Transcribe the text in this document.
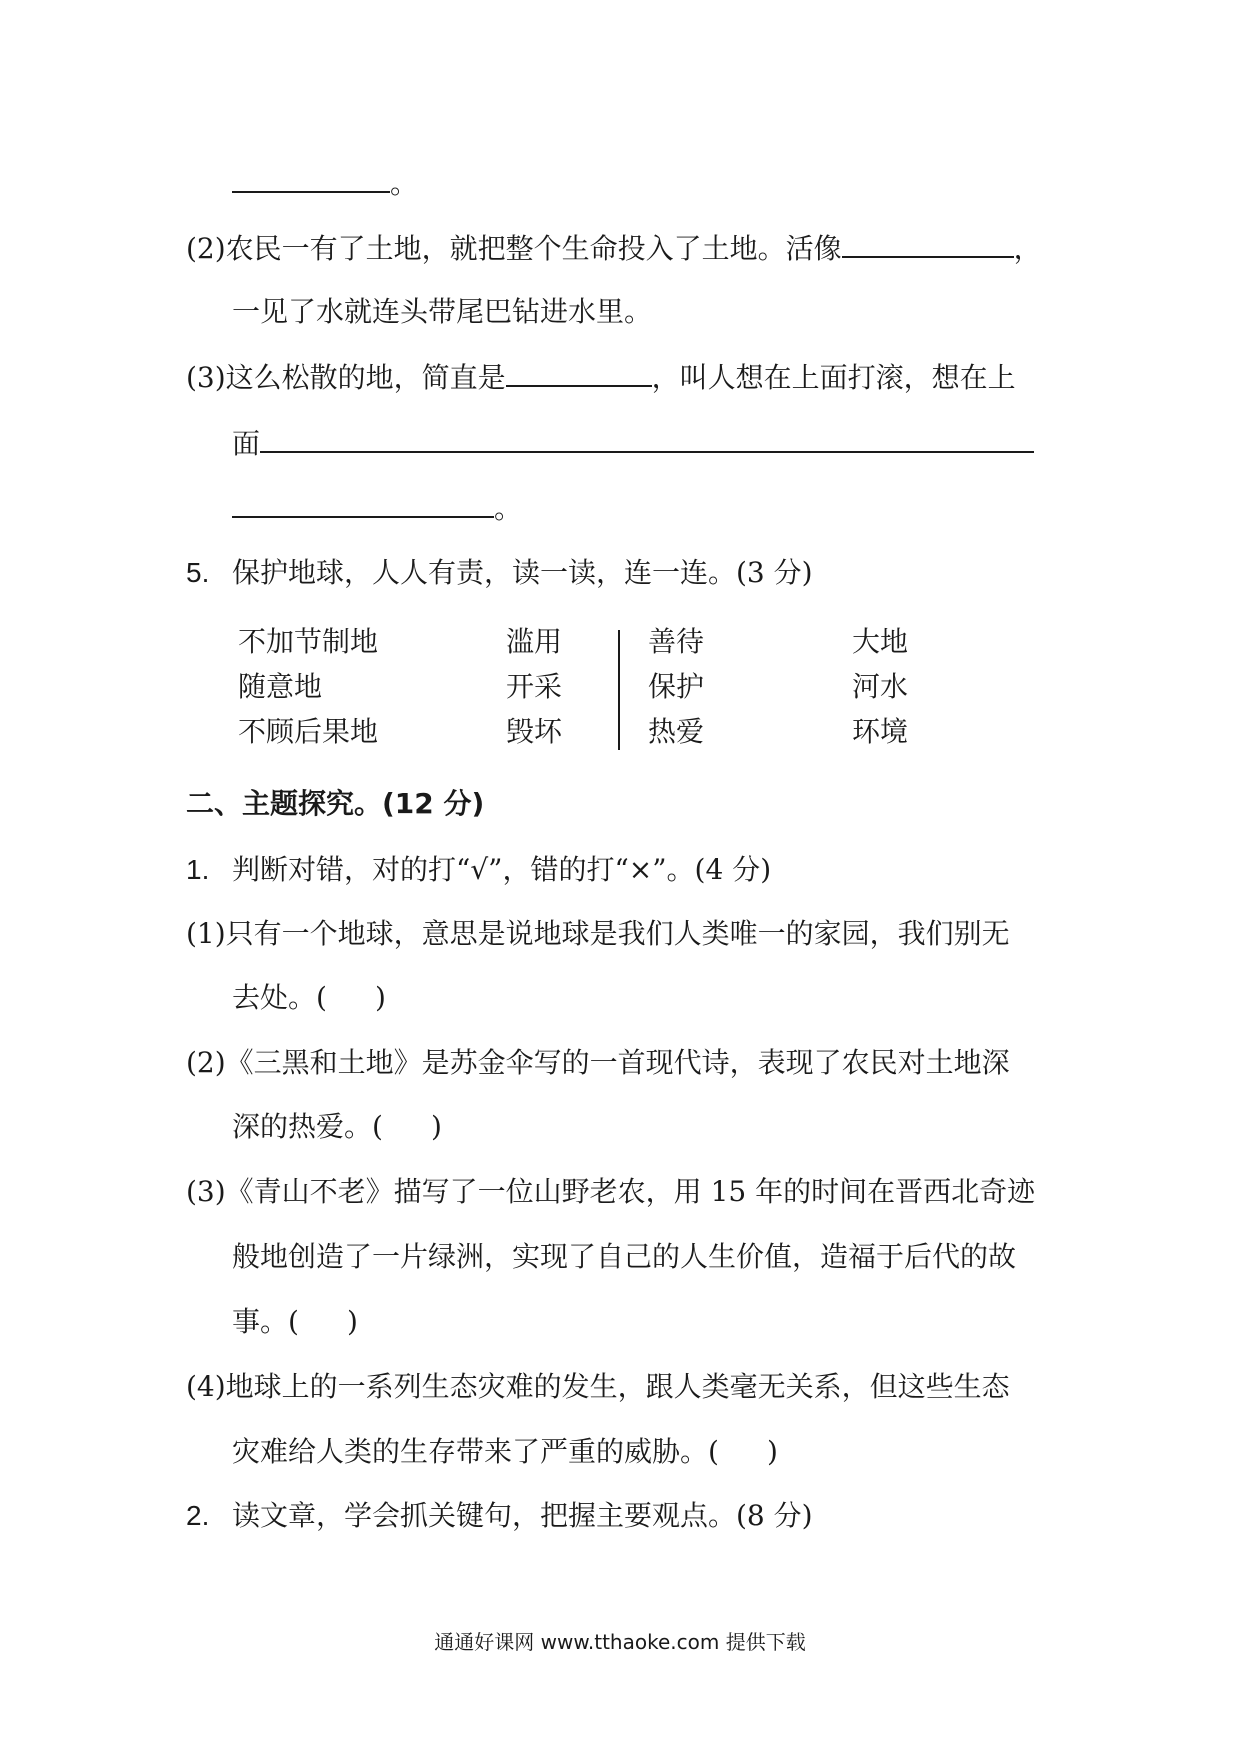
。
(2)农民一有了土地，就把整个生命投入了土地。活像	，
一见了水就连头带尾巴钻进水里。
(3)这么松散的地，简直是	，叫人想在上面打滚，想在上
面
。
5. 保护地球，人人有责，读一读，连一连。(3 分)
不加节制地
随意地
不顾后果地
滥用
开采
毁坏
善待
保护
热爱
大地
河水
环境
二、主题探究。(12 分)
1. 判断对错，对的打“√”，错的打“×”。(4 分)
(1)只有一个地球，意思是说地球是我们人类唯一的家园，我们别无
去处。( )
(2)《三黑和土地》是苏金伞写的一首现代诗，表现了农民对土地深
深的热爱。( )
(3)《青山不老》描写了一位山野老农，用 15 年的时间在晋西北奇迹
般地创造了一片绿洲，实现了自己的人生价值，造福于后代的故
事。( )
(4)地球上的一系列生态灾难的发生，跟人类毫无关系，但这些生态
灾难给人类的生存带来了严重的威胁。( )
2. 读文章，学会抓关键句，把握主要观点。(8 分)
通通好课网 www.tthaoke.com 提供下载
